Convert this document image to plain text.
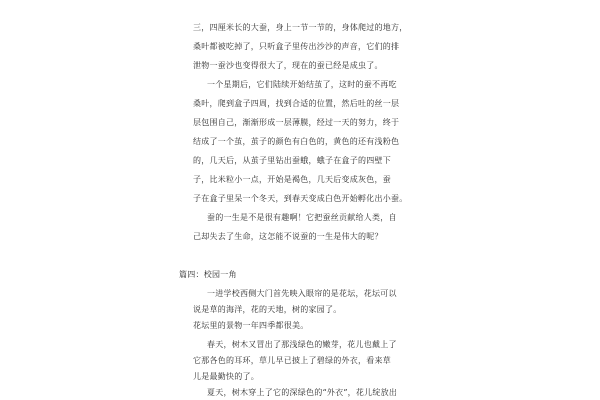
三，四厘米长的大蚕，身上一节一节的，身体爬过的地方，
桑叶都被吃掉了，只听盒子里传出沙沙的声音，它们的排
泄物一蚕沙也变得很大了，现在的蚕已经是成虫了。
一个星期后，它们陆续开始结茧了，这时的蚕不再吃
桑叶，爬到盒子四周，找到合适的位置，然后吐的丝一层
层包围自己，渐渐形成一层薄膜，经过一天的努力，终于
结成了一个茧，茧子的颜色有白色的，黄色的还有浅粉色
的，几天后，从茧子里钻出蚕蛾，蛾子在盒子的四壁下
子，比米粒小一点，开始是褐色，几天后变成灰色，蚕
子在盒子里呆一个冬天，到春天变成白色开始孵化出小蚕。
蚕的一生是不是很有趣啊！它把蚕丝贡献给人类，自
己却失去了生命，这怎能不说蚕的一生是伟大的呢？
篇四：校园一角
一进学校西侧大门首先映入眼帘的是花坛，花坛可以
说是草的海洋，花的天地，树的家园了。
花坛里的景物一年四季都很美。
春天，树木又冒出了那浅绿色的嫩芽，花儿也戴上了
它那各色的耳环，草儿早已披上了碧绿的外衣，看来草
儿是最勤快的了。
夏天，树木穿上了它的深绿色的“外衣”，花儿绽放出
